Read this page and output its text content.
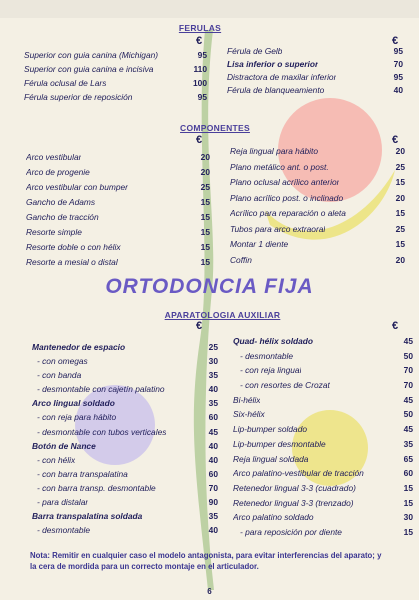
FERULAS
€	€
Superior con guia canina (Michigan)	95
Superior con guia canina e incisiva	110
Férula oclusal de Lars	100
Férula superior de reposición	95
Férula de Gelb	95
Lisa inferior o superior	70
Distractora de maxilar inferior	95
Férula de blanqueamiento	40
COMPONENTES
€	€
Arco vestibular	20
Arco de progenie	20
Arco vestibular con bumper	25
Gancho de Adams	15
Gancho de tracción	15
Resorte simple	15
Resorte doble o con hélix	15
Resorte a mesial o distal	15
Reja lingual para hábito	20
Plano metálico ant. o post.	25
Plano oclusal acrílico anterior	15
Plano acrílico post. o inclinado	20
Acrílico para reparación o aleta	15
Tubos para arco extraoral	25
Montar 1 diente	15
Coffin	20
ORTODONCIA FIJA
APARATOLOGIA AUXILIAR
€	€
Mantenedor de espacio	25
- con omegas	30
- con banda	35
- desmontable con cajetín palatino	40
Arco lingual soldado	35
- con reja para hábito	60
- desmontable con tubos verticales	45
Botón de Nance	40
- con hélix	40
- con barra transpalatina	60
- con barra transp. desmontable	70
- para distalar	90
Barra transpalatina soldada	35
- desmontable	40
Quad- hélix soldado	45
- desmontable	50
- con reja lingual	70
- con resortes de Crozat	70
Bi-hélix	45
Six-hélix	50
Lip-bumper soldado	45
Lip-bumper desmontable	35
Reja lingual soldada	65
Arco palatino-vestibular de tracción	60
Retenedor lingual 3-3 (cuadrado)	15
Retenedor lingual 3-3 (trenzado)	15
Arco palatino soldado	30
- para reposición por diente	15
Nota: Remitir en cualquier caso el modelo antagonista, para evitar interferencias del aparato; y la cera de mordida para un correcto montaje en el articulador.
6
